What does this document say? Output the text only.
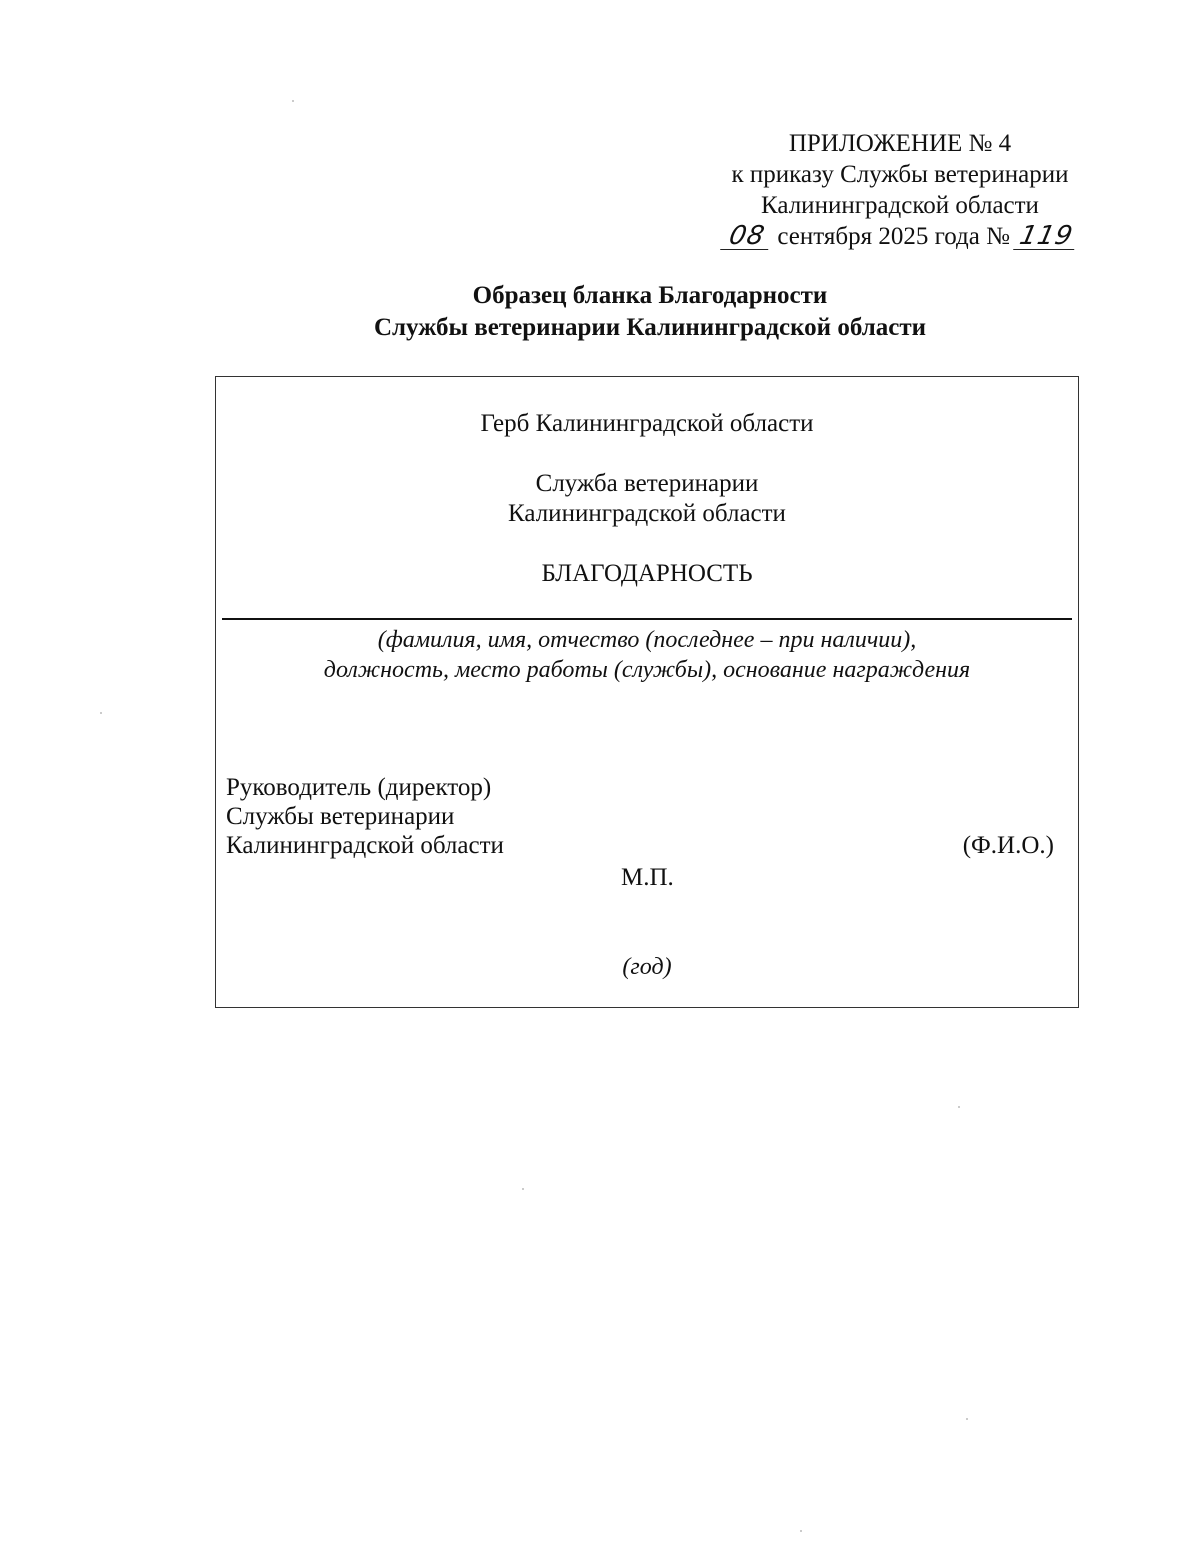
ПРИЛОЖЕНИЕ № 4
к приказу Службы ветеринарии
Калининградской области
08 сентября 2025 года № 119
Образец бланка Благодарности
Службы ветеринарии Калининградской области
Герб Калининградской области
Служба ветеринарии
Калининградской области
БЛАГОДАРНОСТЬ
(фамилия, имя, отчество (последнее – при наличии),
должность, место работы (службы), основание награждения
Руководитель (директор)
Службы ветеринарии
Калининградской области	(Ф.И.О.)
М.П.
(год)
